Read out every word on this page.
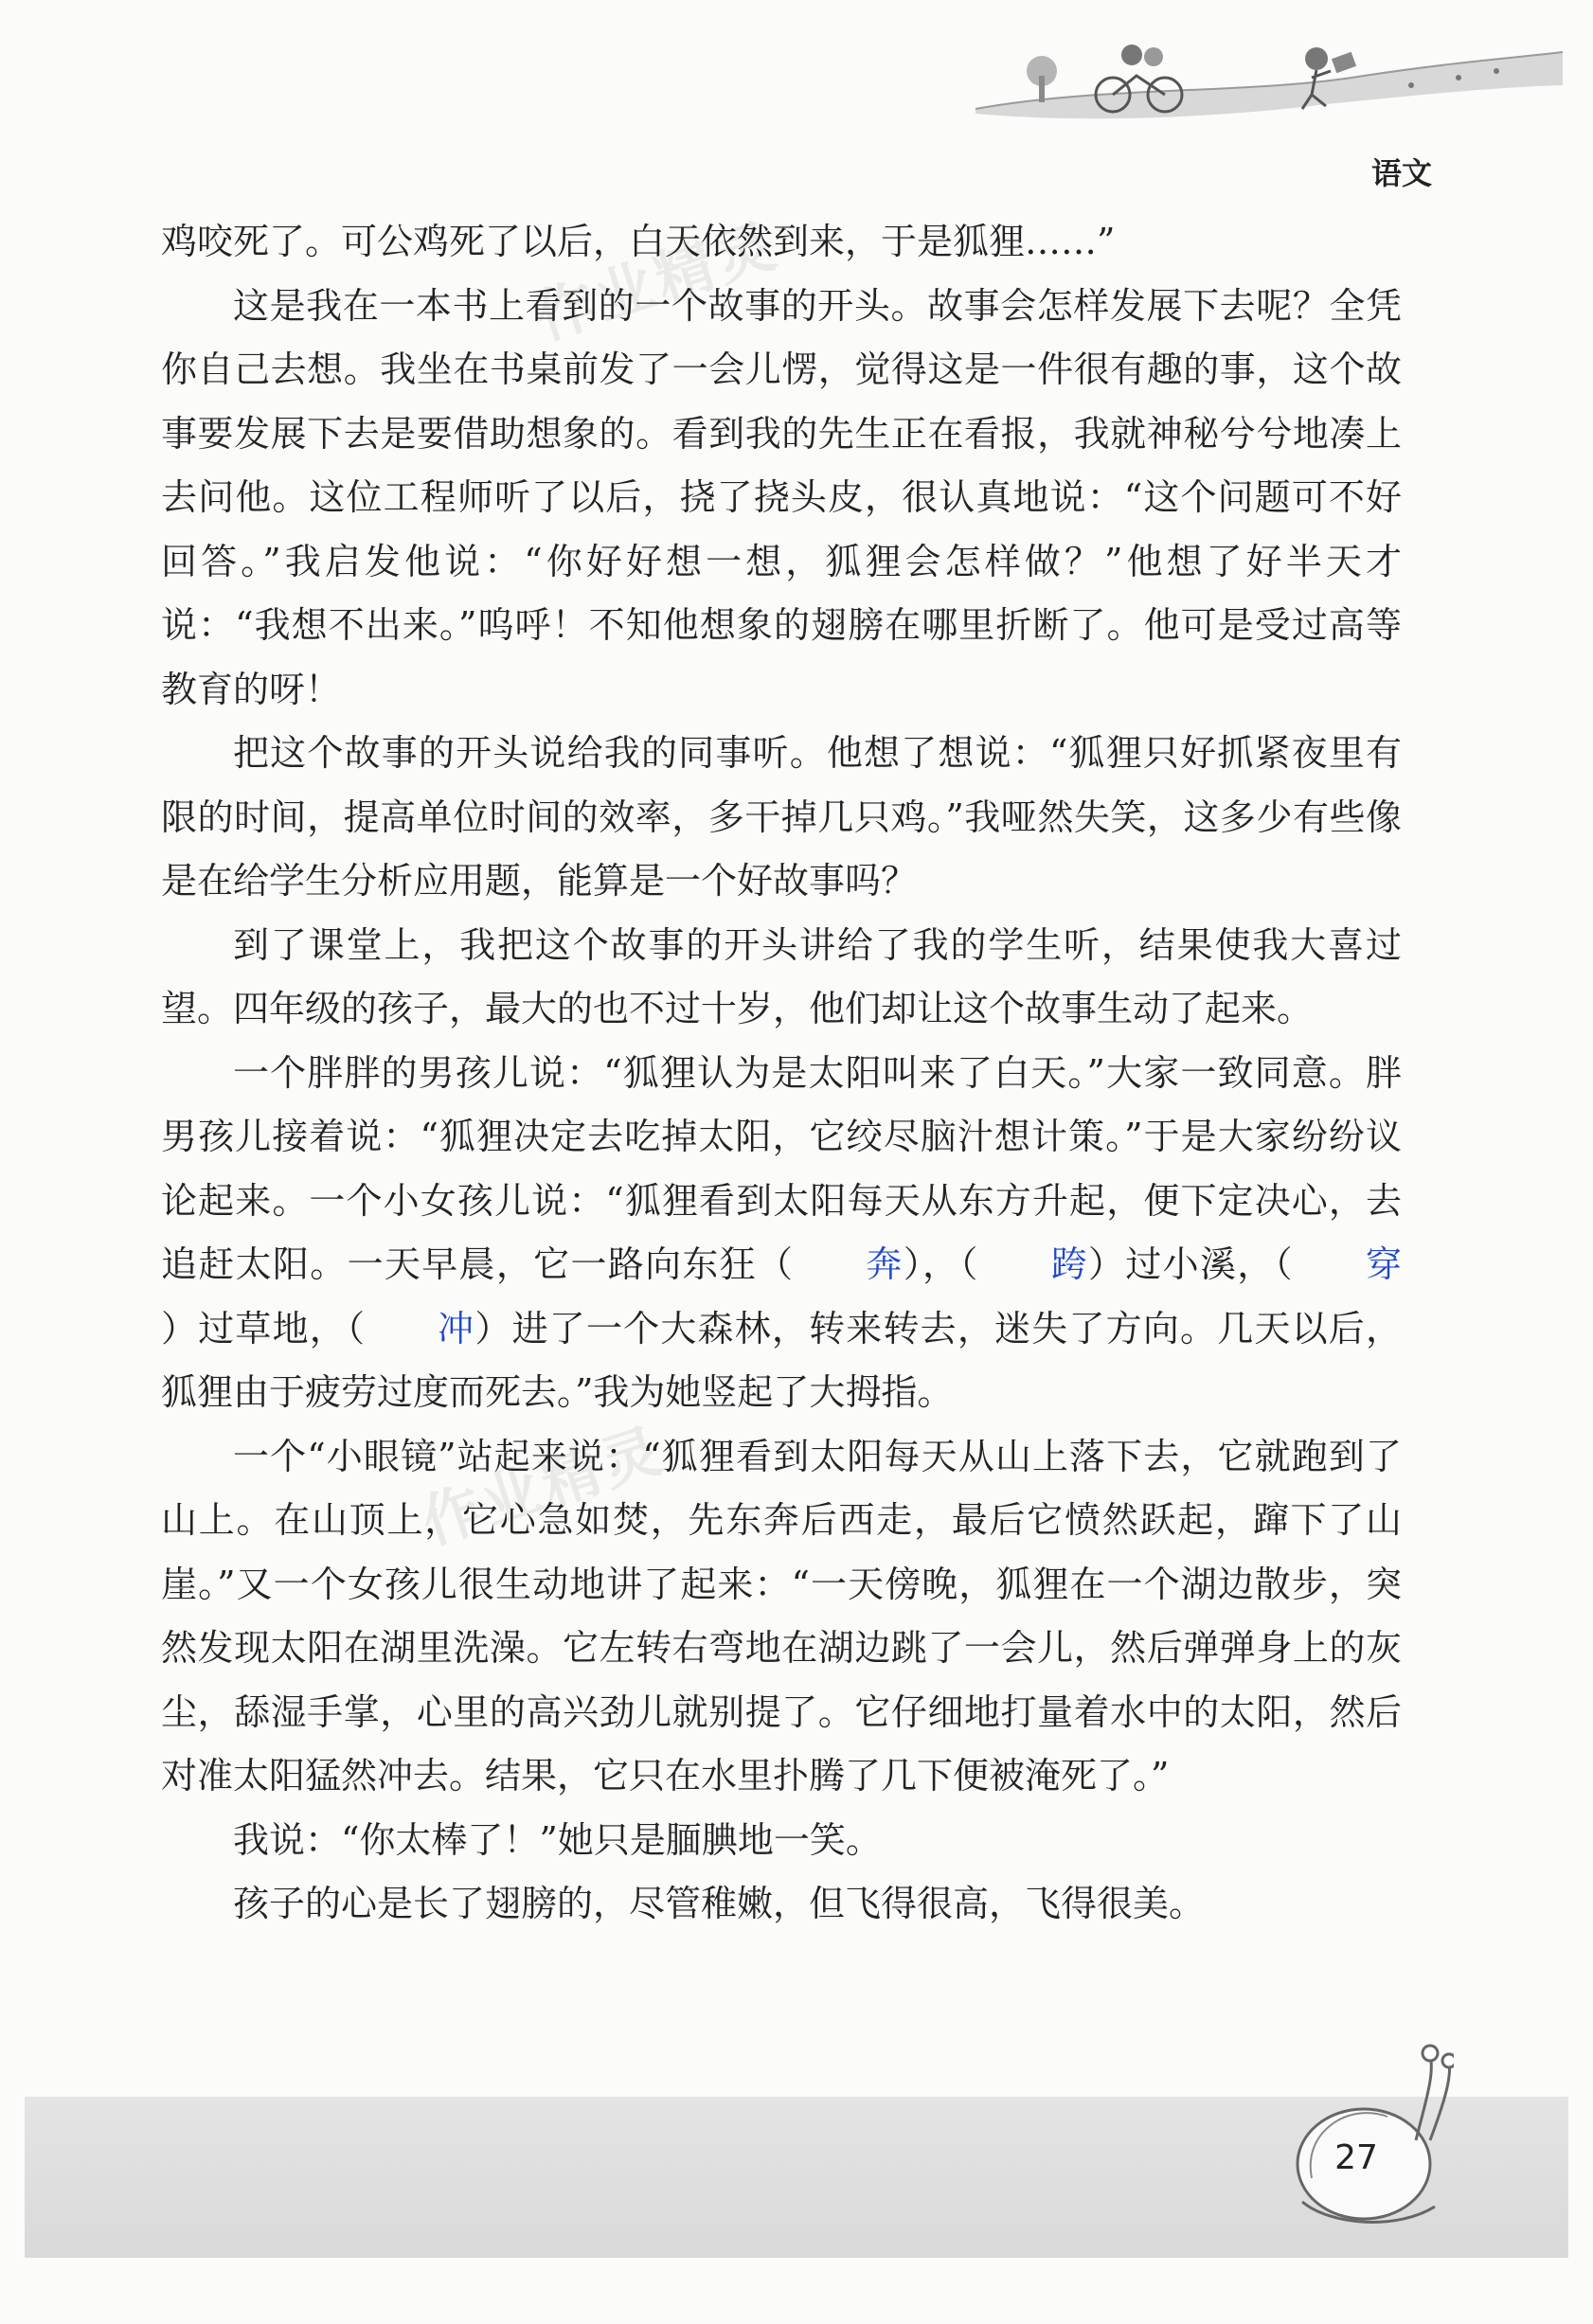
语文
作业精灵
作业精灵

鸡咬死了。可公鸡死了以后，白天依然到来，于是狐狸……”

这是我在一本书上看到的一个故事的开头。故事会怎样发展下去呢？全凭你自己去想。我坐在书桌前发了一会儿愣，觉得这是一件很有趣的事，这个故事要发展下去是要借助想象的。看到我的先生正在看报，我就神秘兮兮地凑上去问他。这位工程师听了以后，挠了挠头皮，很认真地说：“这个问题可不好回答。”我启发他说：“你好好想一想，狐狸会怎样做？”他想了好半天才说：“我想不出来。”呜呼！不知他想象的翅膀在哪里折断了。他可是受过高等教育的呀！

把这个故事的开头说给我的同事听。他想了想说：“狐狸只好抓紧夜里有限的时间，提高单位时间的效率，多干掉几只鸡。”我哑然失笑，这多少有些像是在给学生分析应用题，能算是一个好故事吗？

到了课堂上，我把这个故事的开头讲给了我的学生听，结果使我大喜过望。四年级的孩子，最大的也不过十岁，他们却让这个故事生动了起来。

一个胖胖的男孩儿说：“狐狸认为是太阳叫来了白天。”大家一致同意。胖男孩儿接着说：“狐狸决定去吃掉太阳，它绞尽脑汁想计策。”于是大家纷纷议论起来。一个小女孩儿说：“狐狸看到太阳每天从东方升起，便下定决心，去追赶太阳。一天早晨，它一路向东狂（ 奔），（ 跨）过小溪，（ 穿）过草地，（ 冲）进了一个大森林，转来转去，迷失了方向。几天以后，狐狸由于疲劳过度而死去。”我为她竖起了大拇指。

一个“小眼镜”站起来说：“狐狸看到太阳每天从山上落下去，它就跑到了山上。在山顶上，它心急如焚，先东奔后西走，最后它愤然跃起，蹿下了山崖。”又一个女孩儿很生动地讲了起来：“一天傍晚，狐狸在一个湖边散步，突然发现太阳在湖里洗澡。它左转右弯地在湖边跳了一会儿，然后弹弹身上的灰尘，舔湿手掌，心里的高兴劲儿就别提了。它仔细地打量着水中的太阳，然后对准太阳猛然冲去。结果，它只在水里扑腾了几下便被淹死了。”

我说：“你太棒了！”她只是腼腆地一笑。

孩子的心是长了翅膀的，尽管稚嫩，但飞得很高，飞得很美。

27
